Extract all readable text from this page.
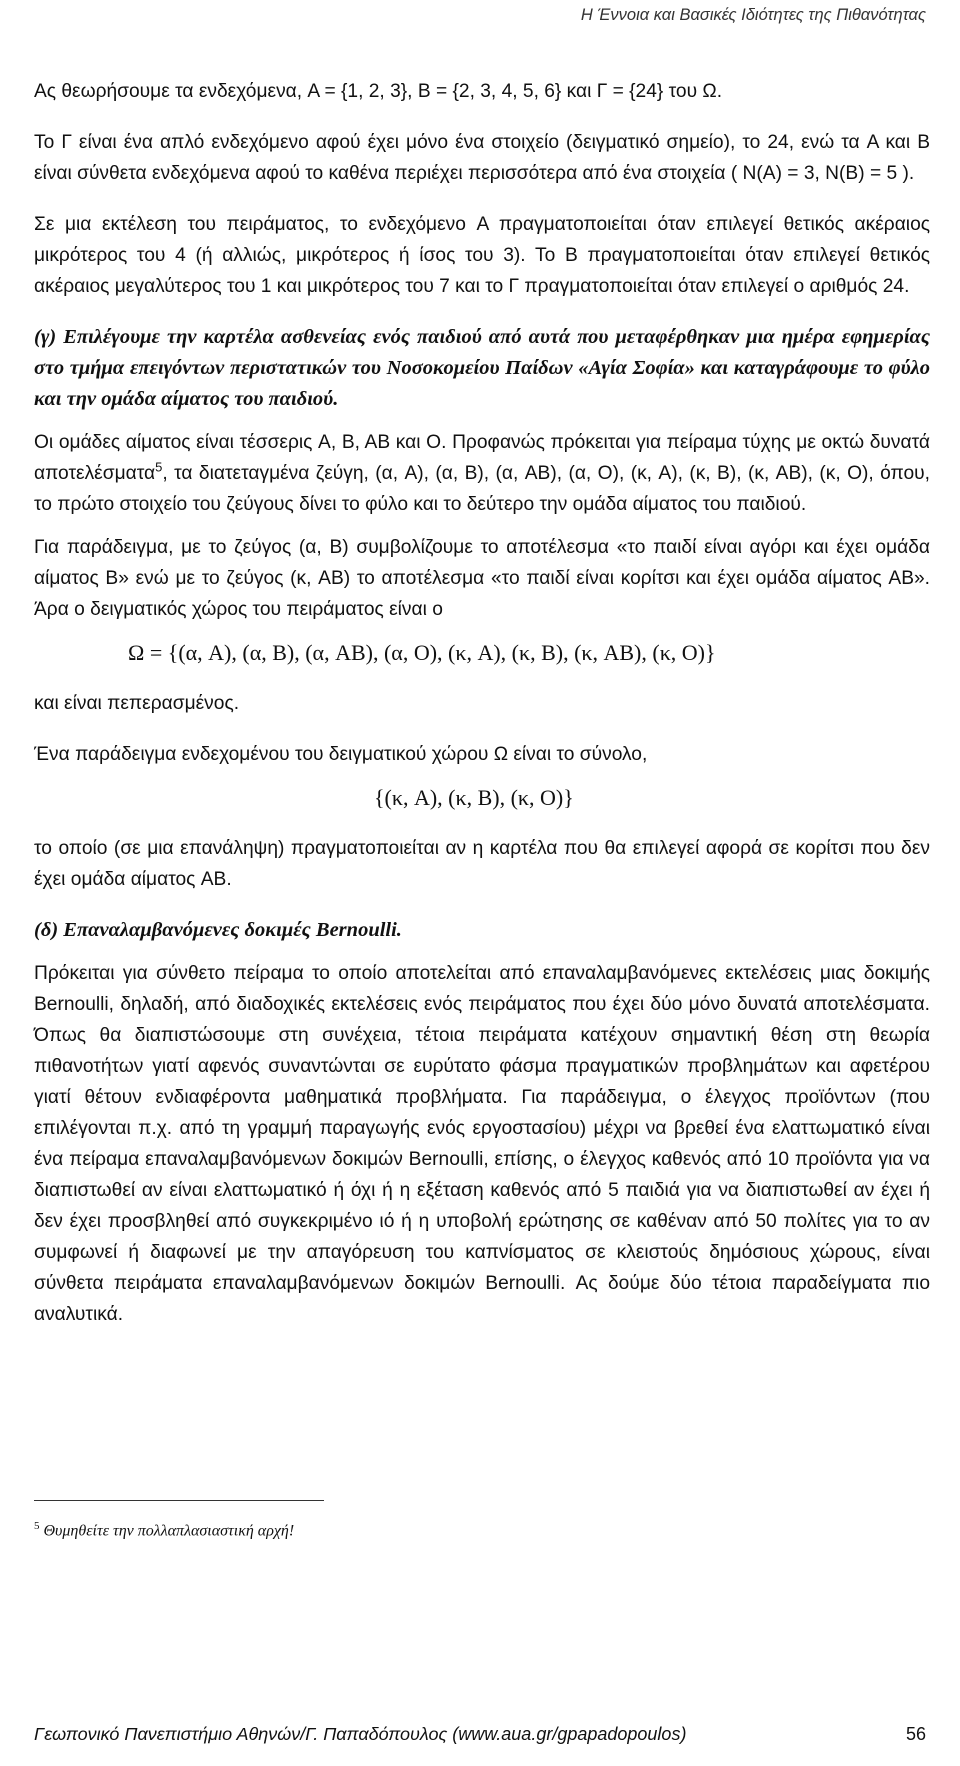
Η Έννοια και Βασικές Ιδιότητες της Πιθανότητας

Ας θεωρήσουμε τα ενδεχόμενα, A = {1, 2, 3}, B = {2, 3, 4, 5, 6} και Γ = {24} του Ω.

Το Γ είναι ένα απλό ενδεχόμενο αφού έχει μόνο ένα στοιχείο (δειγματικό σημείο), το 24, ενώ τα A και B είναι σύνθετα ενδεχόμενα αφού το καθένα περιέχει περισσότερα από ένα στοιχεία ( N(A) = 3, N(B) = 5 ).

Σε μια εκτέλεση του πειράματος, το ενδεχόμενο A πραγματοποιείται όταν επιλεγεί θετικός ακέραιος μικρότερος του 4 (ή αλλιώς, μικρότερος ή ίσος του 3). Το B πραγματοποιείται όταν επιλεγεί θετικός ακέραιος μεγαλύτερος του 1 και μικρότερος του 7 και το Γ πραγματοποιείται όταν επιλεγεί ο αριθμός 24.

(γ) Επιλέγουμε την καρτέλα ασθενείας ενός παιδιού από αυτά που μεταφέρθηκαν μια ημέρα εφημερίας στο τμήμα επειγόντων περιστατικών του Νοσοκομείου Παίδων «Αγία Σοφία» και καταγράφουμε το φύλο και την ομάδα αίματος του παιδιού.

Οι ομάδες αίματος είναι τέσσερις A, B, AB και O. Προφανώς πρόκειται για πείραμα τύχης με οκτώ δυνατά αποτελέσματα$^5$, τα διατεταγμένα ζεύγη, (α, A), (α, B), (α, AB), (α, O), (κ, A), (κ, B), (κ, AB), (κ, O), όπου, το πρώτο στοιχείο του ζεύγους δίνει το φύλο και το δεύτερο την ομάδα αίματος του παιδιού.

Για παράδειγμα, με το ζεύγος (α, B) συμβολίζουμε το αποτέλεσμα «το παιδί είναι αγόρι και έχει ομάδα αίματος B» ενώ με το ζεύγος (κ, AB) το αποτέλεσμα «το παιδί είναι κορίτσι και έχει ομάδα αίματος AB». Άρα ο δειγματικός χώρος του πειράματος είναι ο

Ω = {(α, A), (α, B), (α, AB), (α, O), (κ, A), (κ, B), (κ, AB), (κ, O)}

και είναι πεπερασμένος.

Ένα παράδειγμα ενδεχομένου του δειγματικού χώρου Ω είναι το σύνολο,

{(κ, A), (κ, B), (κ, O)}

το οποίο (σε μια επανάληψη) πραγματοποιείται αν η καρτέλα που θα επιλεγεί αφορά σε κορίτσι που δεν έχει ομάδα αίματος AB.

(δ) Επαναλαμβανόμενες δοκιμές Bernoulli.

Πρόκειται για σύνθετο πείραμα το οποίο αποτελείται από επαναλαμβανόμενες εκτελέσεις μιας δοκιμής Bernoulli, δηλαδή, από διαδοχικές εκτελέσεις ενός πειράματος που έχει δύο μόνο δυνατά αποτελέσματα. Όπως θα διαπιστώσουμε στη συνέχεια, τέτοια πειράματα κατέχουν σημαντική θέση στη θεωρία πιθανοτήτων γιατί αφενός συναντώνται σε ευρύτατο φάσμα πραγματικών προβλημάτων και αφετέρου γιατί θέτουν ενδιαφέροντα μαθηματικά προβλήματα. Για παράδειγμα, ο έλεγχος προϊόντων (που επιλέγονται π.χ. από τη γραμμή παραγωγής ενός εργοστασίου) μέχρι να βρεθεί ένα ελαττωματικό είναι ένα πείραμα επαναλαμβανόμενων δοκιμών Bernoulli, επίσης, ο έλεγχος καθενός από 10 προϊόντα για να διαπιστωθεί αν είναι ελαττωματικό ή όχι ή η εξέταση καθενός από 5 παιδιά για να διαπιστωθεί αν έχει ή δεν έχει προσβληθεί από συγκεκριμένο ιό ή η υποβολή ερώτησης σε καθέναν από 50 πολίτες για το αν συμφωνεί ή διαφωνεί με την απαγόρευση του καπνίσματος σε κλειστούς δημόσιους χώρους, είναι σύνθετα πειράματα επαναλαμβανόμενων δοκιμών Bernoulli. Ας δούμε δύο τέτοια παραδείγματα πιο αναλυτικά.

$^5$ Θυμηθείτε την πολλαπλασιαστική αρχή!
Γεωπονικό Πανεπιστήμιο Αθηνών/Γ. Παπαδόπουλος (www.aua.gr/gpapadopoulos)	56
